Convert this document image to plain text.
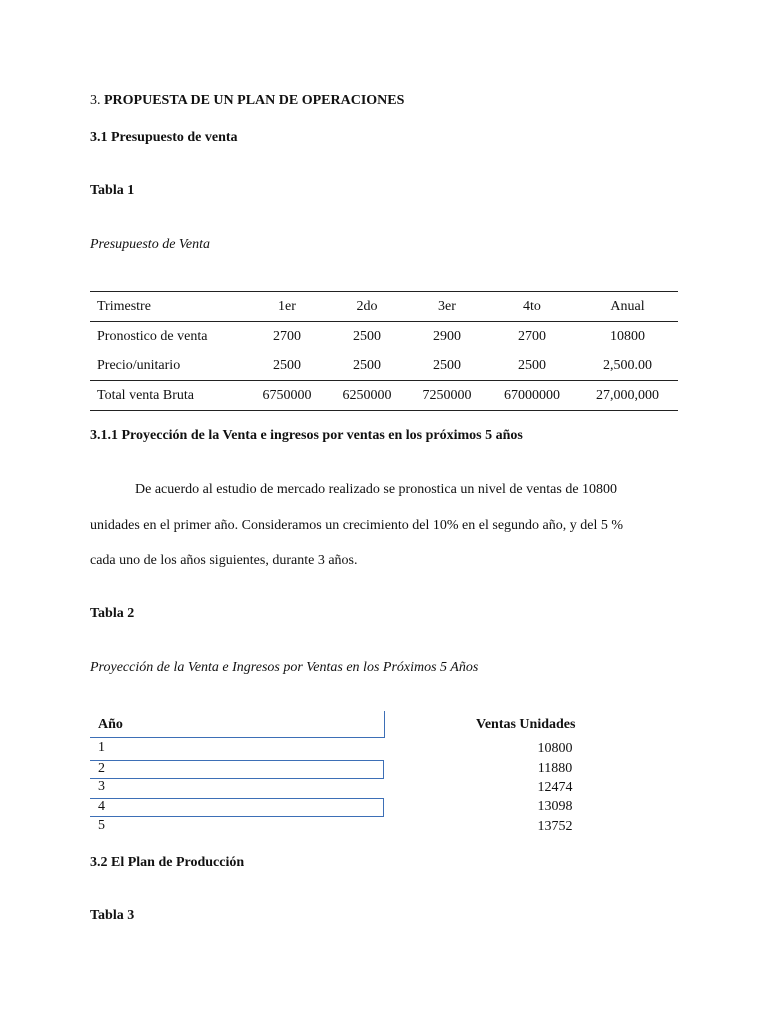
3. PROPUESTA DE UN PLAN DE OPERACIONES
3.1 Presupuesto de venta
Tabla 1
Presupuesto de Venta
Trimestre	1er	2do	3er	4to	Anual
Pronostico de venta	2700	2500	2900	2700	10800
Precio/unitario	2500	2500	2500	2500	2,500.00
Total venta Bruta	6750000	6250000	7250000	67000000	27,000,000
3.1.1 Proyección de la Venta e ingresos por ventas en los próximos 5 años
De acuerdo al estudio de mercado realizado se pronostica un nivel de ventas de 10800
unidades en el primer año. Consideramos un crecimiento del 10% en el segundo año, y del 5 %
cada uno de los años siguientes, durante 3 años.
Tabla 2
Proyección de la Venta e Ingresos por Ventas en los Próximos 5 Años
Año	Ventas Unidades
1	10800
2	11880
3	12474
4	13098
5	13752
3.2 El Plan de Producción
Tabla 3
